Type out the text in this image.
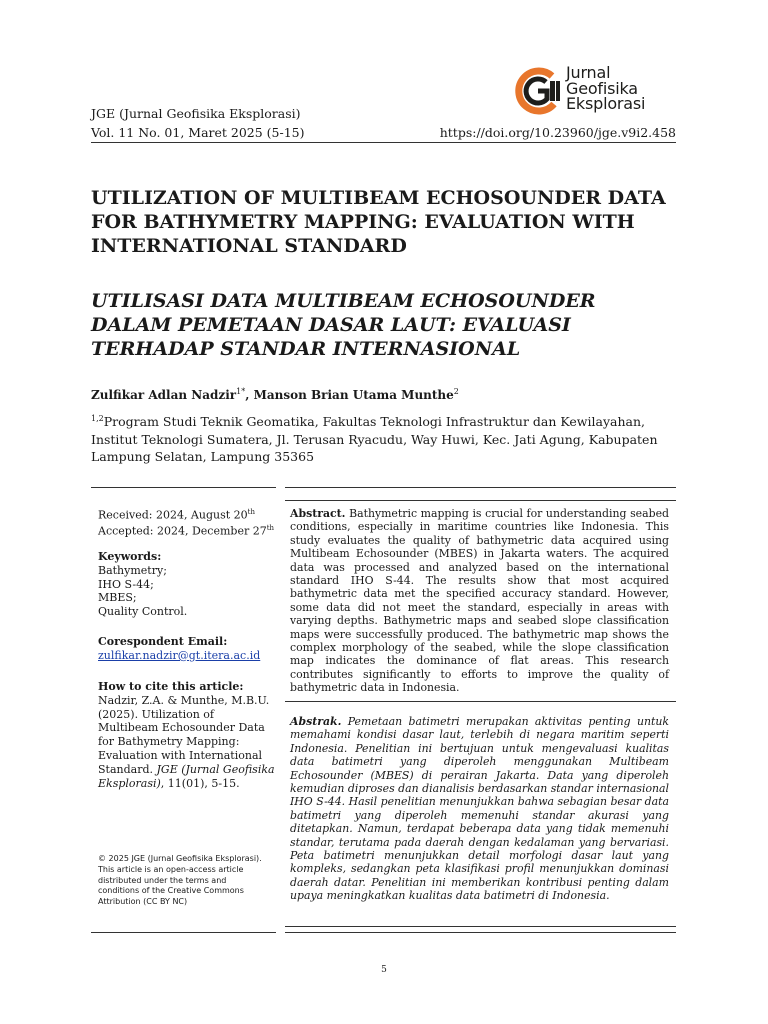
Jurnal
Geofisika
Eksplorasi
JGE (Jurnal Geofisika Eksplorasi)
Vol. 11 No. 01, Maret 2025 (5-15)	https://doi.org/10.23960/jge.v9i2.458
UTILIZATION OF MULTIBEAM ECHOSOUNDER DATA FOR BATHYMETRY MAPPING: EVALUATION WITH INTERNATIONAL STANDARD
UTILISASI DATA MULTIBEAM ECHOSOUNDER DALAM PEMETAAN DASAR LAUT: EVALUASI TERHADAP STANDAR INTERNASIONAL
Zulfikar Adlan Nadzir$^{1*}$, Manson Brian Utama Munthe$^2$
$^{1,2}$Program Studi Teknik Geomatika, Fakultas Teknologi Infrastruktur dan Kewilayahan, Institut Teknologi Sumatera, Jl. Terusan Ryacudu, Way Huwi, Kec. Jati Agung, Kabupaten Lampung Selatan, Lampung 35365
Received: 2024, August 20th
Accepted: 2024, December 27th
Keywords:
Bathymetry;
IHO S-44;
MBES;
Quality Control.
Corespondent Email:
zulfikar.nadzir@gt.itera.ac.id
How to cite this article:
Nadzir, Z.A. & Munthe, M.B.U. (2025). Utilization of Multibeam Echosounder Data for Bathymetry Mapping: Evaluation with International Standard. JGE (Jurnal Geofisika Eksplorasi), 11(01), 5-15.
© 2025 JGE (Jurnal Geofisika Eksplorasi). This article is an open-access article distributed under the terms and conditions of the Creative Commons Attribution (CC BY NC)
Abstract. Bathymetric mapping is crucial for understanding seabed conditions, especially in maritime countries like Indonesia. This study evaluates the quality of bathymetric data acquired using Multibeam Echosounder (MBES) in Jakarta waters. The acquired data was processed and analyzed based on the international standard IHO S-44. The results show that most acquired bathymetric data met the specified accuracy standard. However, some data did not meet the standard, especially in areas with varying depths. Bathymetric maps and seabed slope classification maps were successfully produced. The bathymetric map shows the complex morphology of the seabed, while the slope classification map indicates the dominance of flat areas. This research contributes significantly to efforts to improve the quality of bathymetric data in Indonesia.
Abstrak. Pemetaan batimetri merupakan aktivitas penting untuk memahami kondisi dasar laut, terlebih di negara maritim seperti Indonesia. Penelitian ini bertujuan untuk mengevaluasi kualitas data batimetri yang diperoleh menggunakan Multibeam Echosounder (MBES) di perairan Jakarta. Data yang diperoleh kemudian diproses dan dianalisis berdasarkan standar internasional IHO S-44. Hasil penelitian menunjukkan bahwa sebagian besar data batimetri yang diperoleh memenuhi standar akurasi yang ditetapkan. Namun, terdapat beberapa data yang tidak memenuhi standar, terutama pada daerah dengan kedalaman yang bervariasi. Peta batimetri menunjukkan detail morfologi dasar laut yang kompleks, sedangkan peta klasifikasi profil menunjukkan dominasi daerah datar. Penelitian ini memberikan kontribusi penting dalam upaya meningkatkan kualitas data batimetri di Indonesia.
5
